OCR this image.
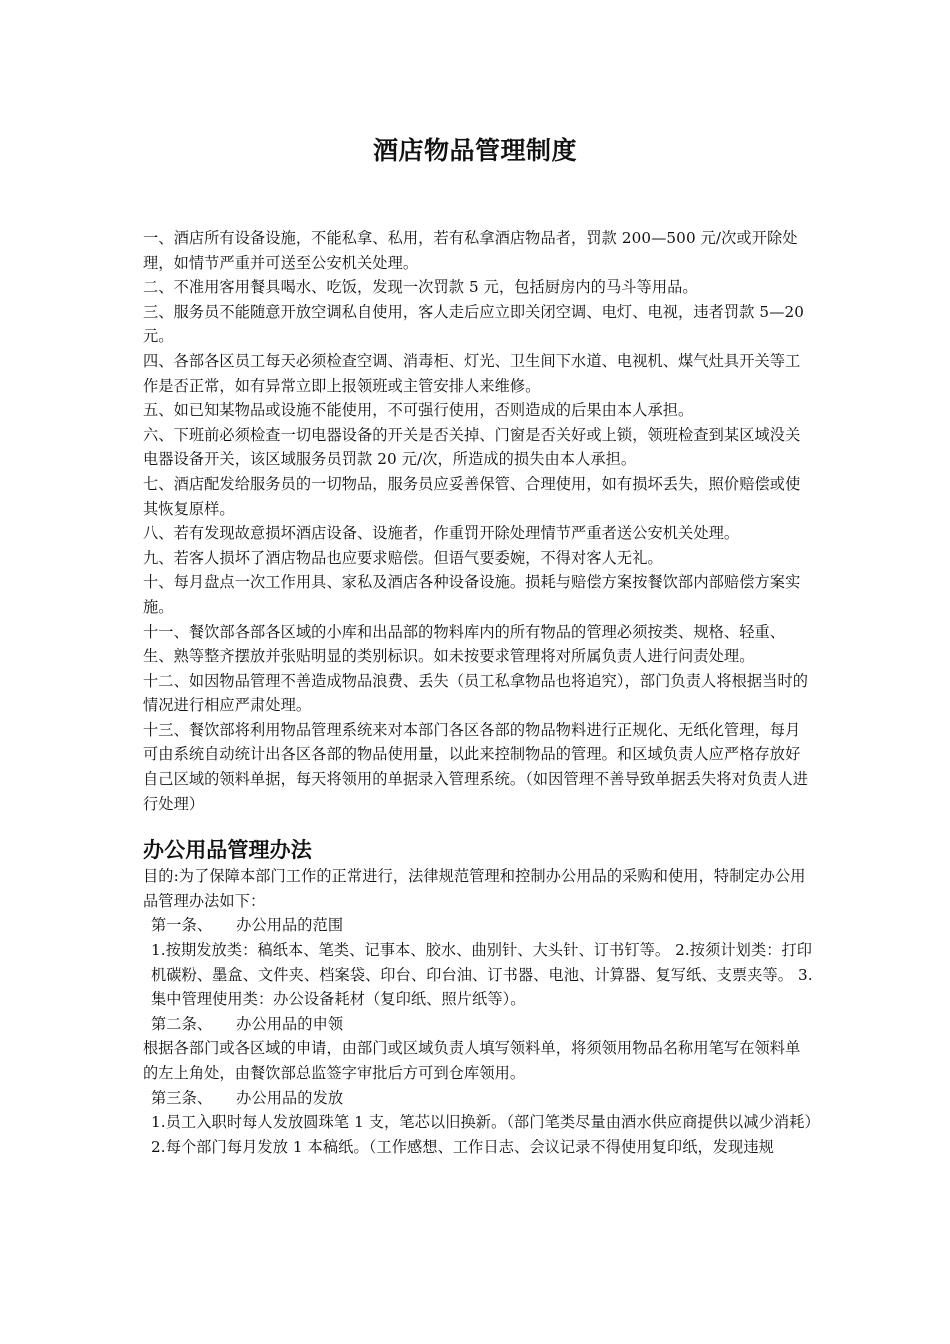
酒店物品管理制度

一、酒店所有设备设施，不能私拿、私用，若有私拿酒店物品者，罚款 200—500 元/次或开除处理，如情节严重并可送至公安机关处理。

二、不准用客用餐具喝水、吃饭，发现一次罚款 5 元，包括厨房内的马斗等用品。

三、服务员不能随意开放空调私自使用，客人走后应立即关闭空调、电灯、电视，违者罚款 5—20 元。

四、各部各区员工每天必须检查空调、消毒柜、灯光、卫生间下水道、电视机、煤气灶具开关等工作是否正常，如有异常立即上报领班或主管安排人来维修。

五、如已知某物品或设施不能使用，不可强行使用，否则造成的后果由本人承担。

六、下班前必须检查一切电器设备的开关是否关掉、门窗是否关好或上锁，领班检查到某区域没关电器设备开关，该区域服务员罚款 20 元/次，所造成的损失由本人承担。

七、酒店配发给服务员的一切物品，服务员应妥善保管、合理使用，如有损坏丢失，照价赔偿或使其恢复原样。

八、若有发现故意损坏酒店设备、设施者，作重罚开除处理情节严重者送公安机关处理。

九、若客人损坏了酒店物品也应要求赔偿。但语气要委婉，不得对客人无礼。

十、每月盘点一次工作用具、家私及酒店各种设备设施。损耗与赔偿方案按餐饮部内部赔偿方案实施。

十一、餐饮部各部各区域的小库和出品部的物料库内的所有物品的管理必须按类、规格、轻重、生、熟等整齐摆放并张贴明显的类别标识。如未按要求管理将对所属负责人进行问责处理。

十二、如因物品管理不善造成物品浪费、丢失（员工私拿物品也将追究），部门负责人将根据当时的情况进行相应严肃处理。

十三、餐饮部将利用物品管理系统来对本部门各区各部的物品物料进行正规化、无纸化管理，每月可由系统自动统计出各区各部的物品使用量，以此来控制物品的管理。和区域负责人应严格存放好自己区域的领料单据，每天将领用的单据录入管理系统。（如因管理不善导致单据丢失将对负责人进行处理）

办公用品管理办法

目的:为了保障本部门工作的正常进行，法律规范管理和控制办公用品的采购和使用，特制定办公用品管理办法如下：

第一条、 办公用品的范围

1.按期发放类：稿纸本、笔类、记事本、胶水、曲别针、大头针、订书钉等。 2.按须计划类：打印机碳粉、墨盒、文件夹、档案袋、印台、印台油、订书器、电池、计算器、复写纸、支票夹等。 3.集中管理使用类：办公设备耗材（复印纸、照片纸等）。

第二条、 办公用品的申领

根据各部门或各区域的申请，由部门或区域负责人填写领料单，将须领用物品名称用笔写在领料单的左上角处，由餐饮部总监签字审批后方可到仓库领用。

第三条、 办公用品的发放

1.员工入职时每人发放圆珠笔 1 支，笔芯以旧换新。（部门笔类尽量由酒水供应商提供以减少消耗）

2.每个部门每月发放 1 本稿纸。（工作感想、工作日志、会议记录不得使用复印纸，发现违规
